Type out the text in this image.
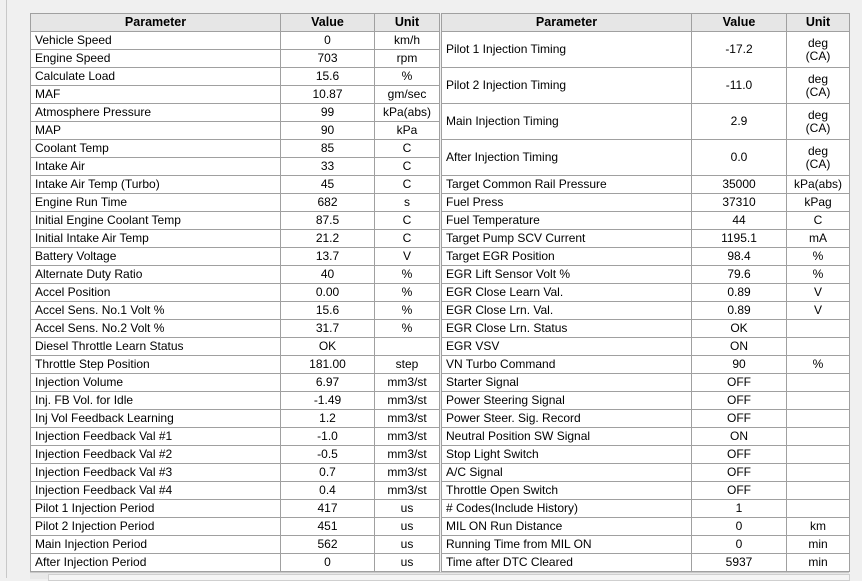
Parameter	Value	Unit
Vehicle Speed	0	km/h
Engine Speed	703	rpm
Calculate Load	15.6	%
MAF	10.87	gm/sec
Atmosphere Pressure	99	kPa(abs)
MAP	90	kPa
Coolant Temp	85	C
Intake Air	33	C
Intake Air Temp (Turbo)	45	C
Engine Run Time	682	s
Initial Engine Coolant Temp	87.5	C
Initial Intake Air Temp	21.2	C
Battery Voltage	13.7	V
Alternate Duty Ratio	40	%
Accel Position	0.00	%
Accel Sens. No.1 Volt %	15.6	%
Accel Sens. No.2 Volt %	31.7	%
Diesel Throttle Learn Status	OK	
Throttle Step Position	181.00	step
Injection Volume	6.97	mm3/st
Inj. FB Vol. for Idle	-1.49	mm3/st
Inj Vol Feedback Learning	1.2	mm3/st
Injection Feedback Val #1	-1.0	mm3/st
Injection Feedback Val #2	-0.5	mm3/st
Injection Feedback Val #3	0.7	mm3/st
Injection Feedback Val #4	0.4	mm3/st
Pilot 1 Injection Period	417	us
Pilot 2 Injection Period	451	us
Main Injection Period	562	us
After Injection Period	0	us
Parameter	Value	Unit
Pilot 1 Injection Timing	-17.2	deg
(CA)

Pilot 2 Injection Timing	-11.0	deg
(CA)

Main Injection Timing	2.9	deg
(CA)

After Injection Timing	0.0	deg
(CA)

Target Common Rail Pressure	35000	kPa(abs)
Fuel Press	37310	kPag
Fuel Temperature	44	C
Target Pump SCV Current	1195.1	mA
Target EGR Position	98.4	%
EGR Lift Sensor Volt %	79.6	%
EGR Close Learn Val.	0.89	V
EGR Close Lrn. Val.	0.89	V
EGR Close Lrn. Status	OK	
EGR VSV	ON	
VN Turbo Command	90	%
Starter Signal	OFF	
Power Steering Signal	OFF	
Power Steer. Sig. Record	OFF	
Neutral Position SW Signal	ON	
Stop Light Switch	OFF	
A/C Signal	OFF	
Throttle Open Switch	OFF	
# Codes(Include History)	1	
MIL ON Run Distance	0	km
Running Time from MIL ON	0	min
Time after DTC Cleared	5937	min
